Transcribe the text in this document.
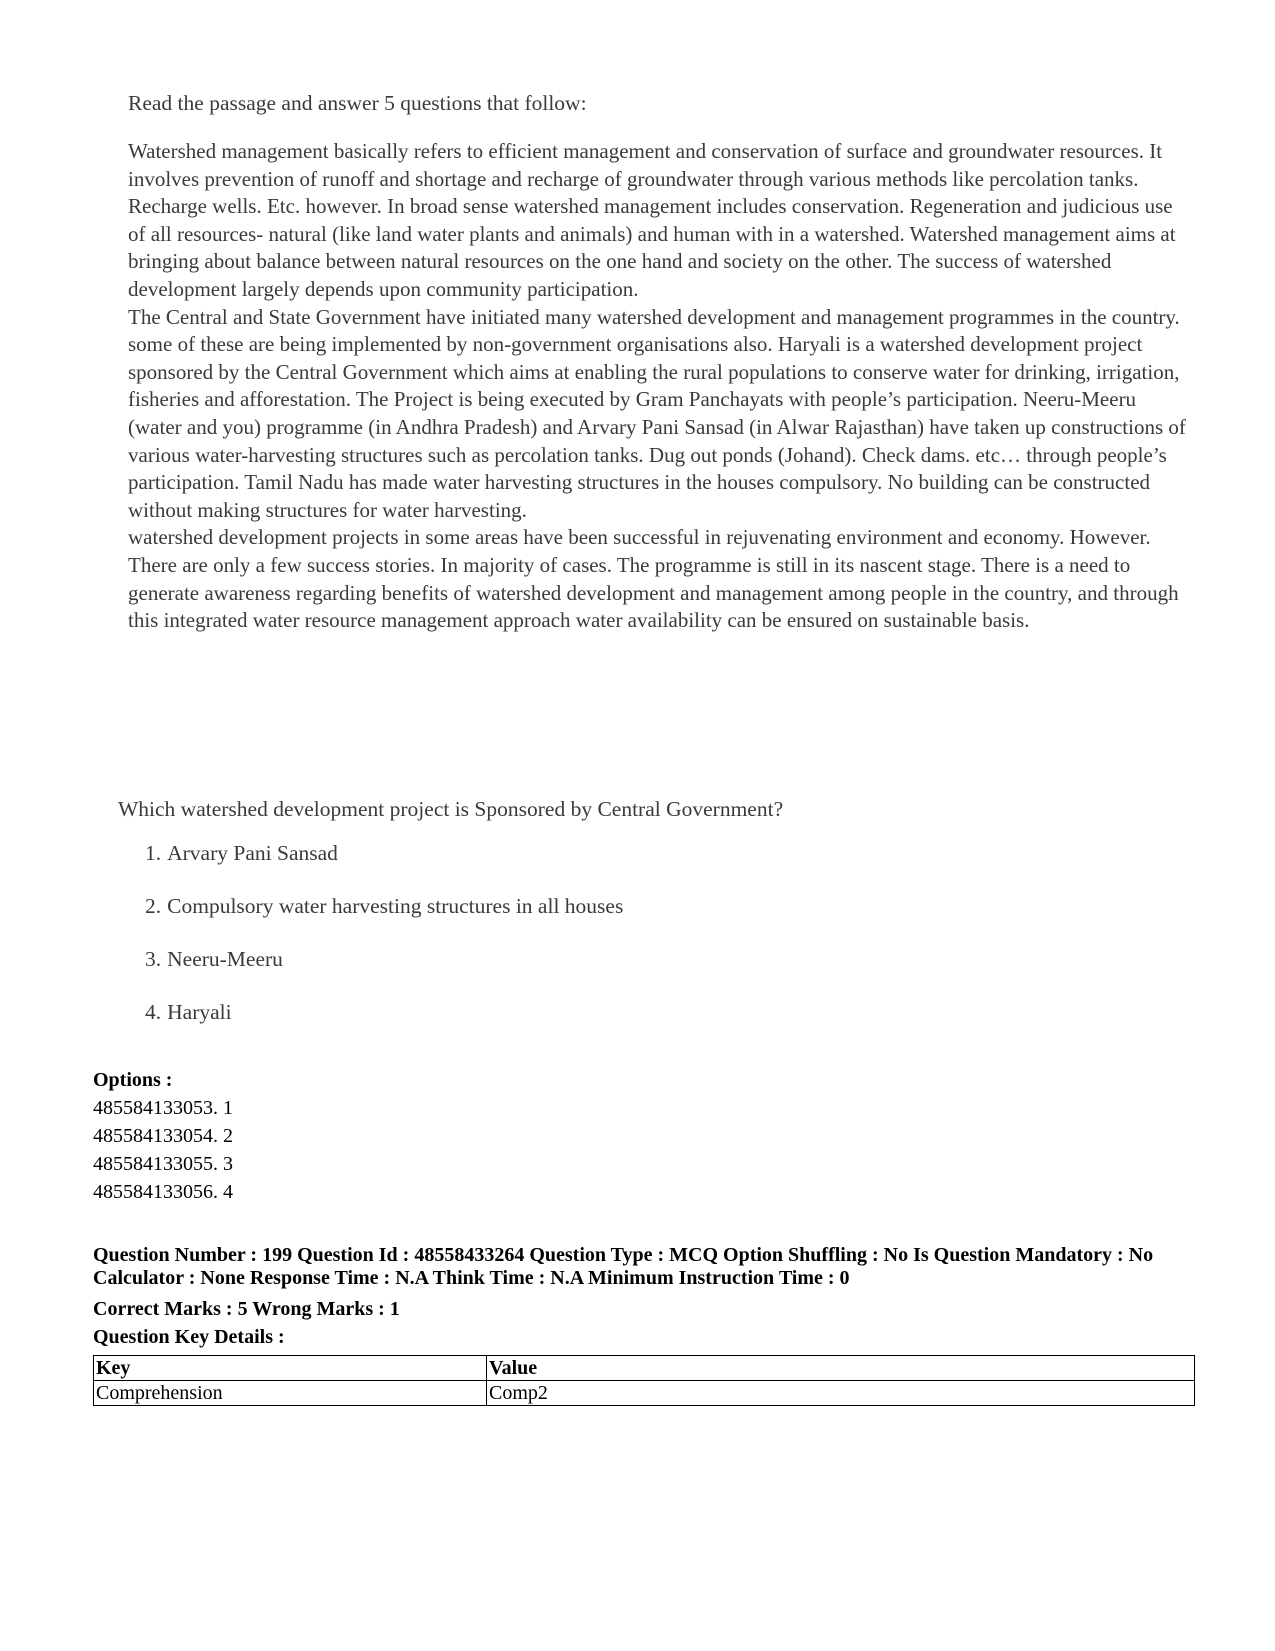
Read the passage and answer 5 questions that follow:

Watershed management basically refers to efficient management and conservation of surface and groundwater resources. It involves prevention of runoff and shortage and recharge of groundwater through various methods like percolation tanks. Recharge wells. Etc. however. In broad sense watershed management includes conservation. Regeneration and judicious use of all resources- natural (like land water plants and animals) and human with in a watershed. Watershed management aims at bringing about balance between natural resources on the one hand and society on the other. The success of watershed development largely depends upon community participation.

The Central and State Government have initiated many watershed development and management programmes in the country. some of these are being implemented by non-government organisations also. Haryali is a watershed development project sponsored by the Central Government which aims at enabling the rural populations to conserve water for drinking, irrigation, fisheries and afforestation. The Project is being executed by Gram Panchayats with people’s participation. Neeru-Meeru (water and you) programme (in Andhra Pradesh) and Arvary Pani Sansad (in Alwar Rajasthan) have taken up constructions of various water-harvesting structures such as percolation tanks. Dug out ponds (Johand). Check dams. etc… through people’s participation. Tamil Nadu has made water harvesting structures in the houses compulsory. No building can be constructed without making structures for water harvesting.

watershed development projects in some areas have been successful in rejuvenating environment and economy. However. There are only a few success stories. In majority of cases. The programme is still in its nascent stage. There is a need to generate awareness regarding benefits of watershed development and management among people in the country, and through this integrated water resource management approach water availability can be ensured on sustainable basis.

Which watershed development project is Sponsored by Central Government?

1. Arvary Pani Sansad
2. Compulsory water harvesting structures in all houses
3. Neeru-Meeru
4. Haryali

Options :

485584133053. 1

485584133054. 2

485584133055. 3

485584133056. 4

Question Number : 199 Question Id : 48558433264 Question Type : MCQ Option Shuffling : No Is Question Mandatory : No Calculator : None Response Time : N.A Think Time : N.A Minimum Instruction Time : 0
Correct Marks : 5 Wrong Marks : 1
Question Key Details :
Key	Value
Comprehension	Comp2
